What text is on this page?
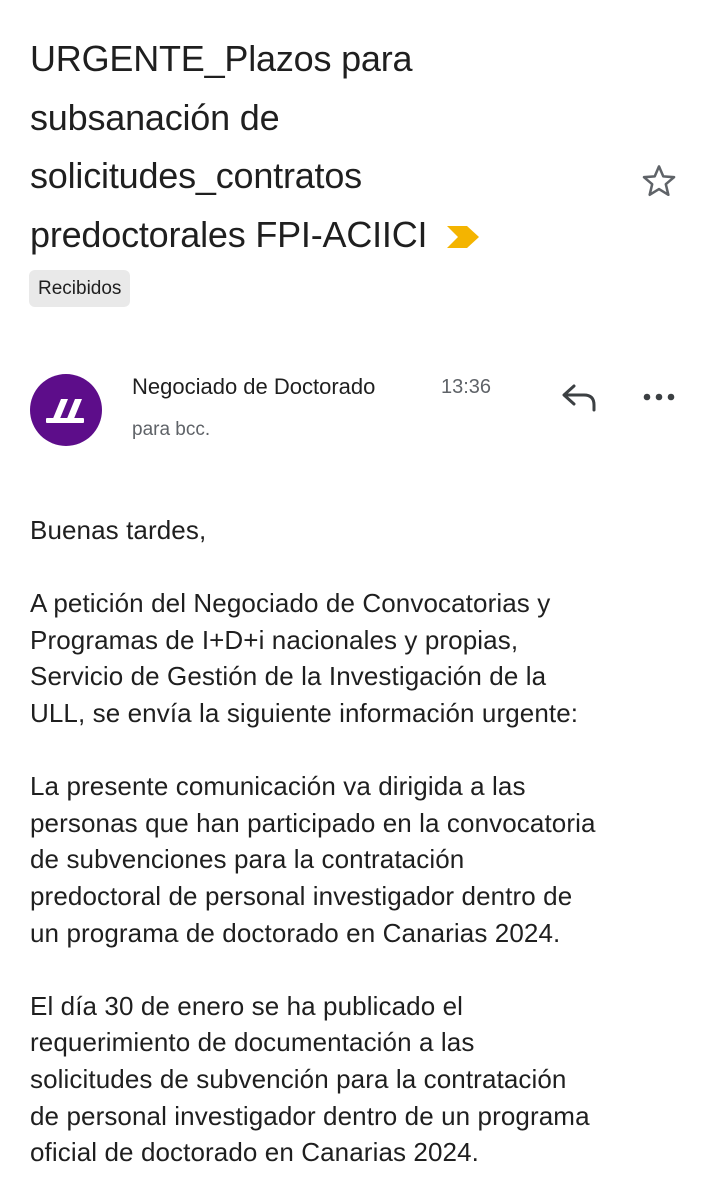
URGENTE_Plazos para
subsanación de
solicitudes_contratos
predoctorales FPI-ACIICI
Recibidos
Negociado de Doctorado	13:36
para bcc.

Buenas tardes,

A petición del Negociado de Convocatorias y
Programas de I+D+i nacionales y propias,
Servicio de Gestión de la Investigación de la
ULL, se envía la siguiente información urgente:

La presente comunicación va dirigida a las
personas que han participado en la convocatoria
de subvenciones para la contratación
predoctoral de personal investigador dentro de
un programa de doctorado en Canarias 2024.

El día 30 de enero se ha publicado el
requerimiento de documentación a las
solicitudes de subvención para la contratación
de personal investigador dentro de un programa
oficial de doctorado en Canarias 2024.
